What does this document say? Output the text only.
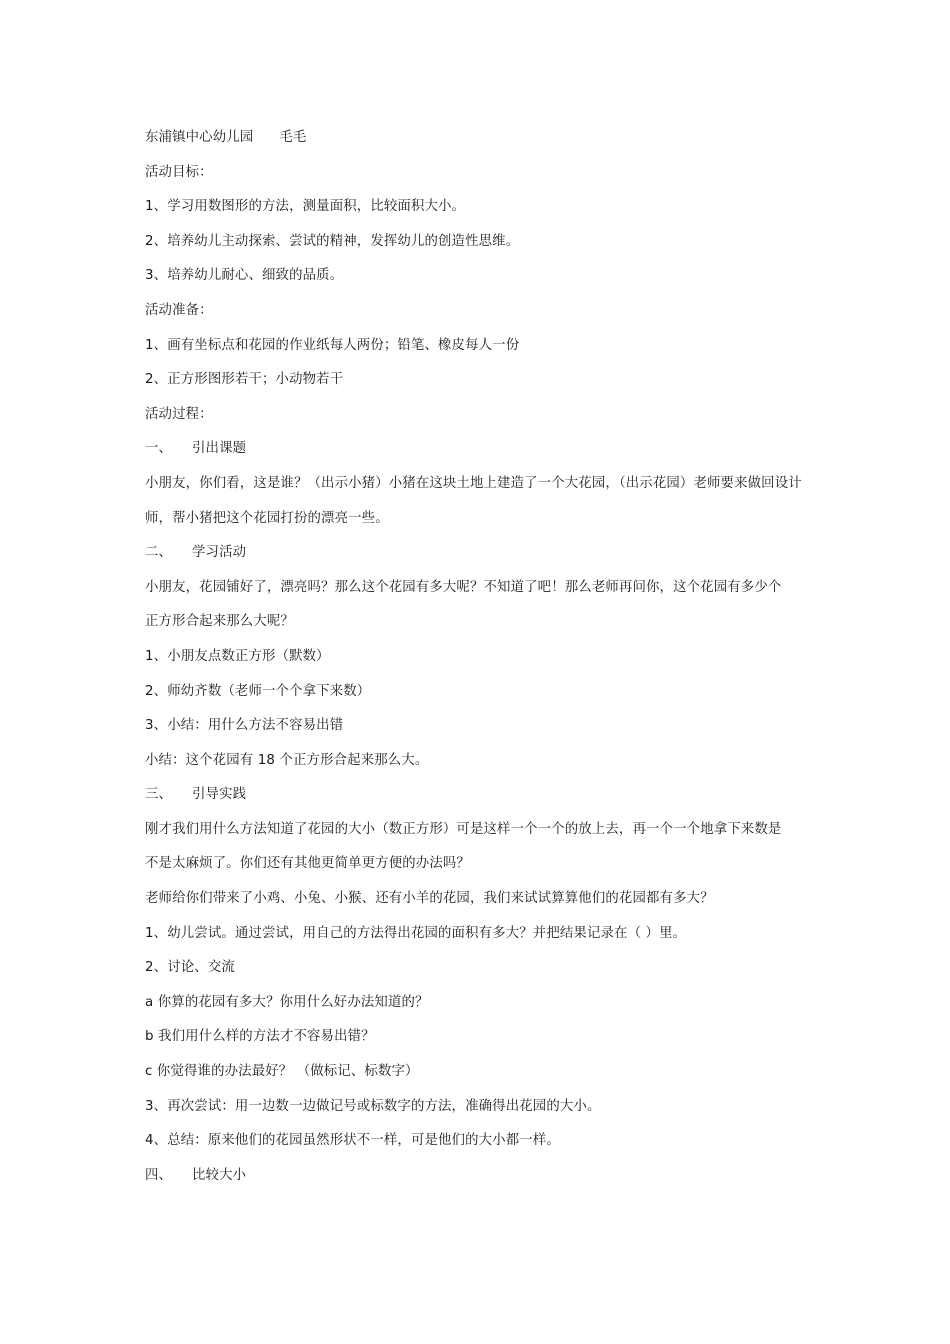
东浦镇中心幼儿园 毛毛
活动目标：
1、学习用数图形的方法，测量面积，比较面积大小。
2、培养幼儿主动探索、尝试的精神，发挥幼儿的创造性思维。
3、培养幼儿耐心、细致的品质。
活动准备：
1、画有坐标点和花园的作业纸每人两份；铅笔、橡皮每人一份
2、正方形图形若干；小动物若干
活动过程：
一、 引出课题
小朋友，你们看，这是谁？（出示小猪）小猪在这块土地上建造了一个大花园，（出示花园）老师要来做回设计
师，帮小猪把这个花园打扮的漂亮一些。
二、 学习活动
小朋友，花园铺好了，漂亮吗？那么这个花园有多大呢？不知道了吧！那么老师再问你，这个花园有多少个
正方形合起来那么大呢？
1、小朋友点数正方形（默数）
2、师幼齐数（老师一个个拿下来数）
3、小结：用什么方法不容易出错
小结：这个花园有 18 个正方形合起来那么大。
三、 引导实践
刚才我们用什么方法知道了花园的大小（数正方形）可是这样一个一个的放上去，再一个一个地拿下来数是
不是太麻烦了。你们还有其他更简单更方便的办法吗？
老师给你们带来了小鸡、小兔、小猴、还有小羊的花园，我们来试试算算他们的花园都有多大？
1、幼儿尝试。通过尝试，用自己的方法得出花园的面积有多大？并把结果记录在（ ）里。
2、讨论、交流
a 你算的花园有多大？你用什么好办法知道的？
b 我们用什么样的方法才不容易出错？
c 你觉得谁的办法最好？ （做标记、标数字）
3、再次尝试：用一边数一边做记号或标数字的方法，准确得出花园的大小。
4、总结：原来他们的花园虽然形状不一样，可是他们的大小都一样。
四、 比较大小
